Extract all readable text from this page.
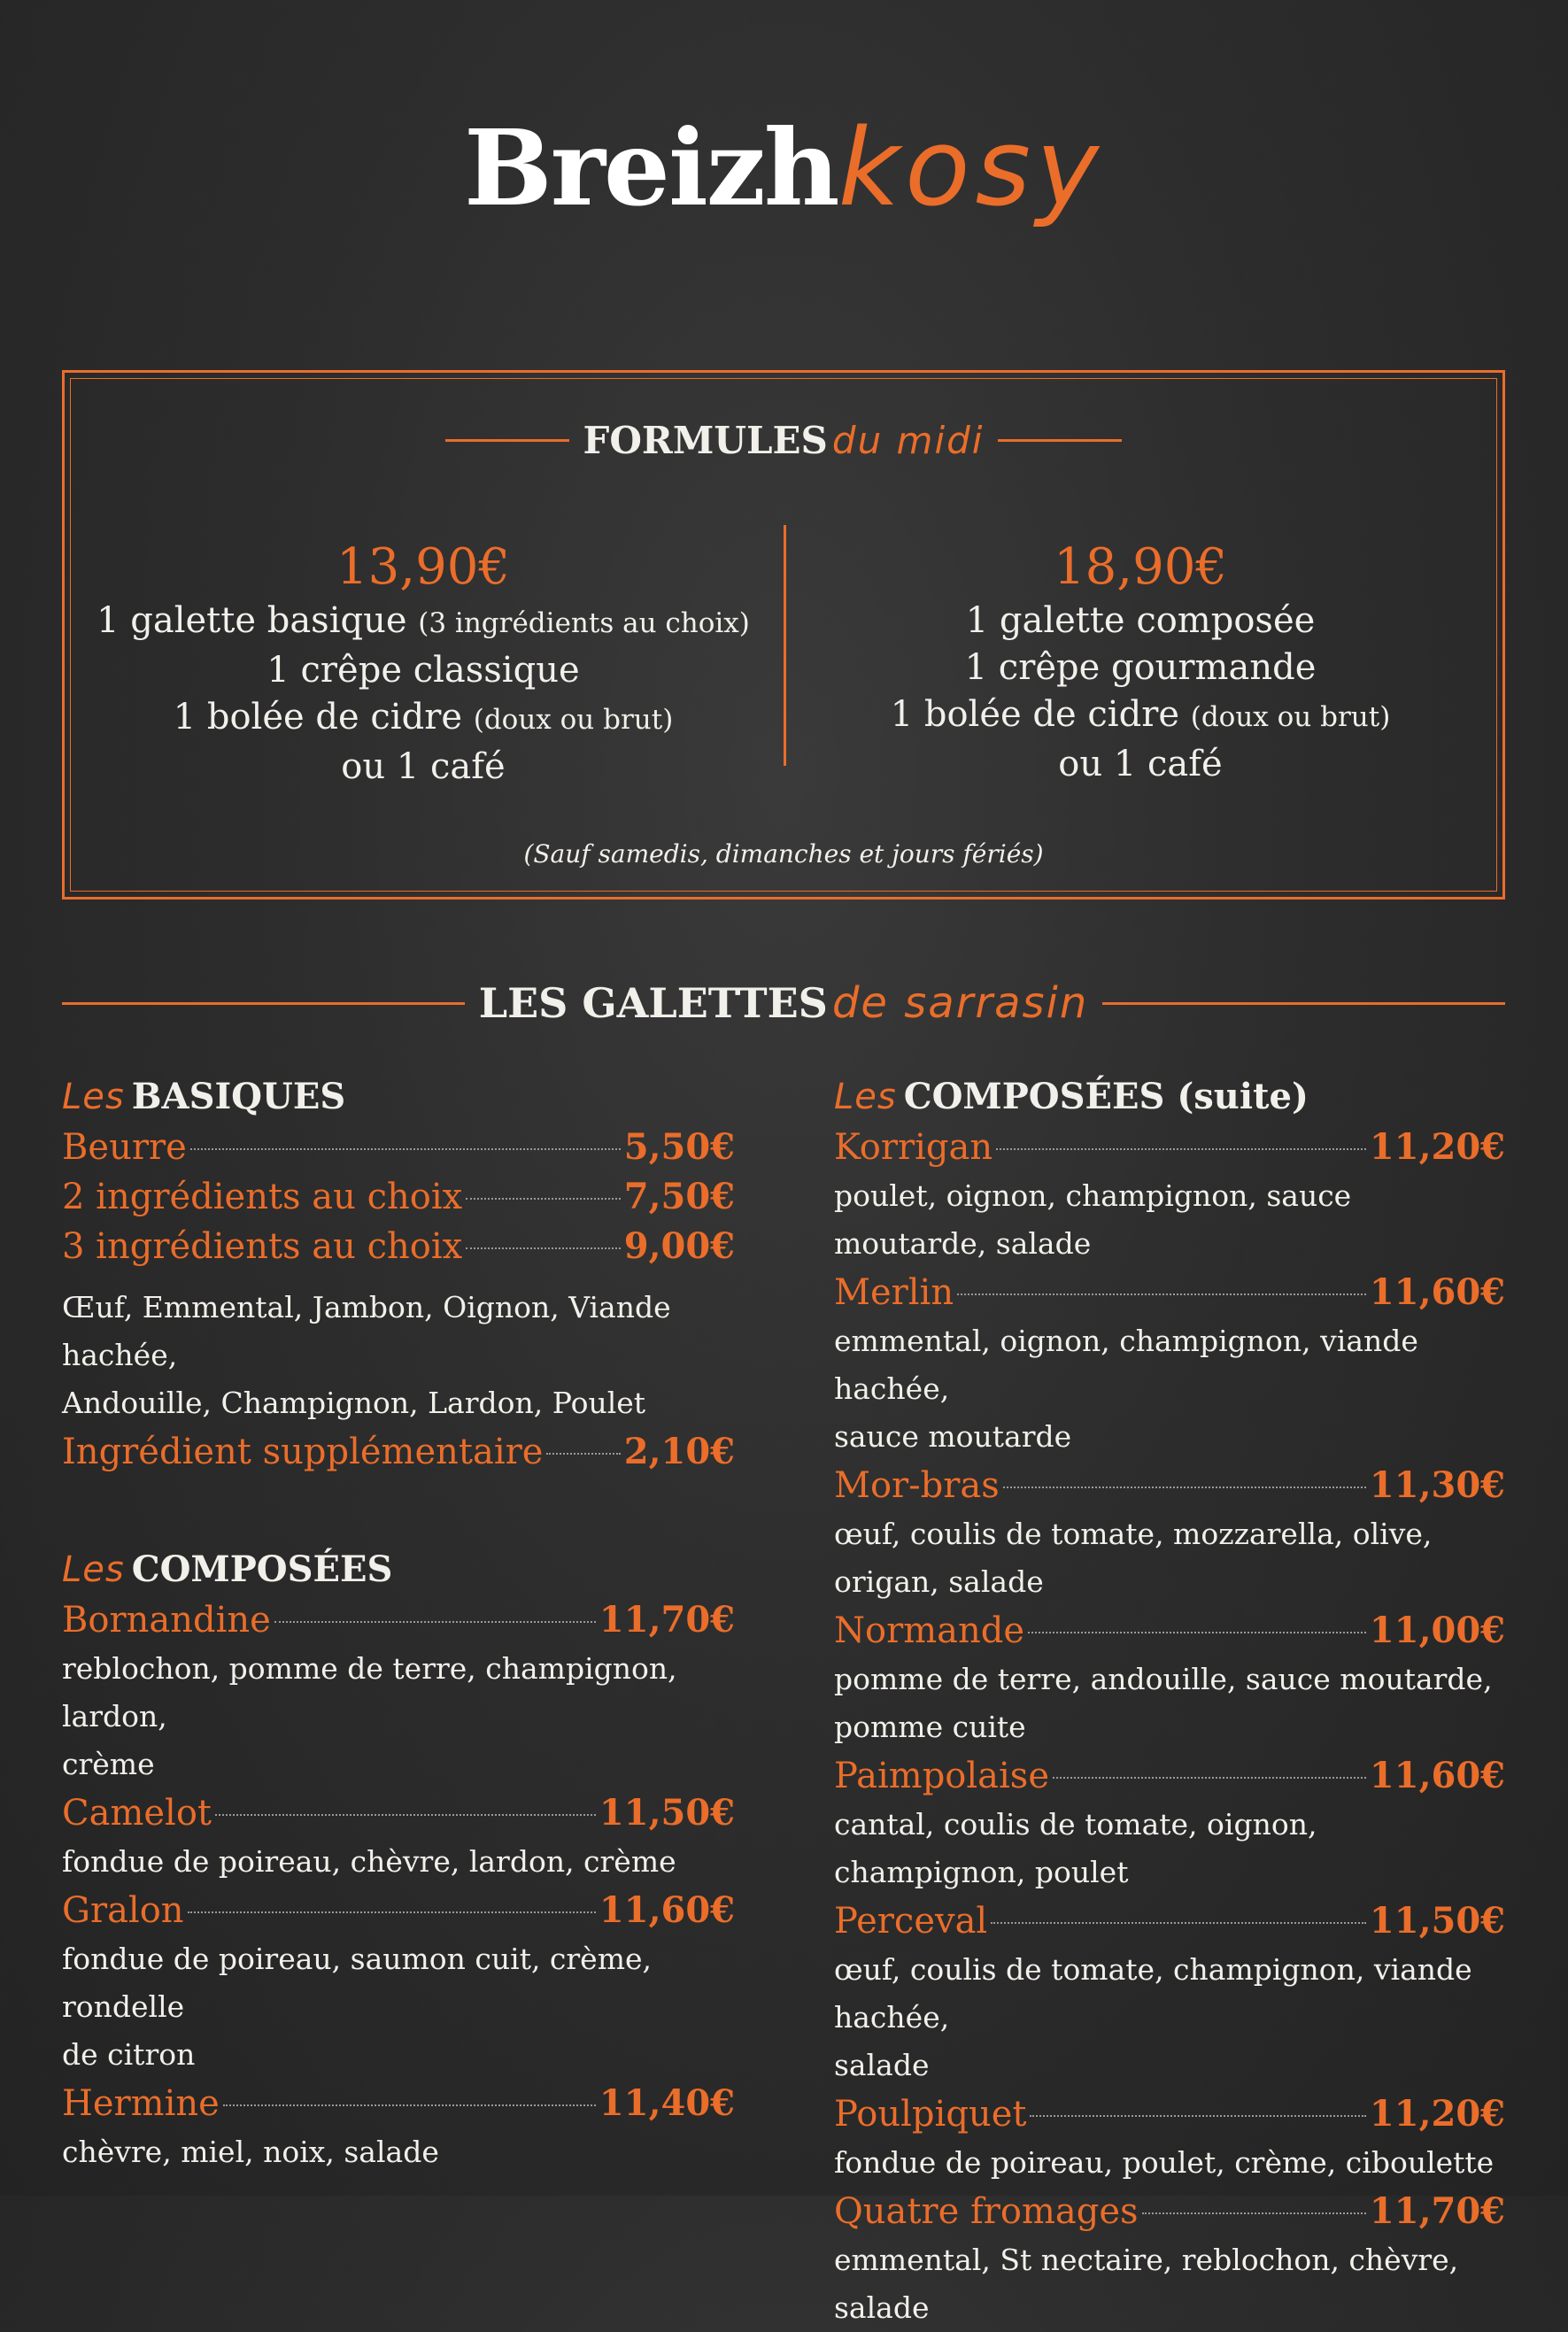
Breizhkosy
FORMULES du midi
13,90€
1 galette basique (3 ingrédients au choix)
1 crêpe classique
1 bolée de cidre (doux ou brut)
ou 1 café
18,90€
1 galette composée
1 crêpe gourmande
1 bolée de cidre (doux ou brut)
ou 1 café
(Sauf samedis, dimanches et jours fériés)
LES GALETTES de sarrasin
Les BASIQUES
Beurre	5,50€
2 ingrédients au choix	7,50€
3 ingrédients au choix	9,00€
Œuf, Emmental, Jambon, Oignon, Viande hachée,
Andouille, Champignon, Lardon, Poulet
Ingrédient supplémentaire 2,10€
Les COMPOSÉES
Bornandine	11,70€
reblochon, pomme de terre, champignon, lardon,
crème
Camelot	11,50€
fondue de poireau, chèvre, lardon, crème
Gralon	11,60€
fondue de poireau, saumon cuit, crème, rondelle
de citron
Hermine	11,40€
chèvre, miel, noix, salade
Les COMPOSÉES (suite)
Korrigan	11,20€
poulet, oignon, champignon, sauce moutarde, salade
Merlin	11,60€
emmental, oignon, champignon, viande hachée,
sauce moutarde
Mor-bras	11,30€
œuf, coulis de tomate, mozzarella, olive, origan, salade
Normande	11,00€
pomme de terre, andouille, sauce moutarde,
pomme cuite
Paimpolaise	11,60€
cantal, coulis de tomate, oignon, champignon, poulet
Perceval	11,50€
œuf, coulis de tomate, champignon, viande hachée,
salade
Poulpiquet	11,20€
fondue de poireau, poulet, crème, ciboulette
Quatre fromages	11,70€
emmental, St nectaire, reblochon, chèvre, salade
